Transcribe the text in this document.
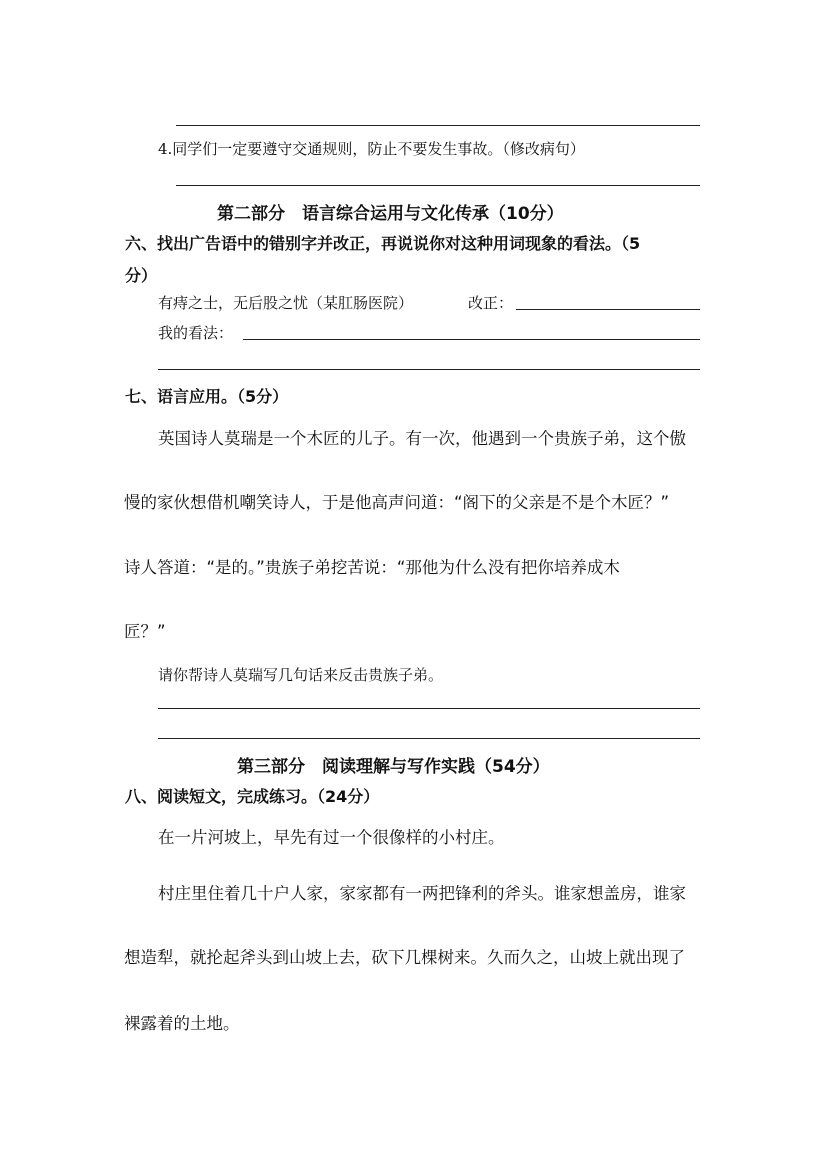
4.同学们一定要遵守交通规则，防止不要发生事故。（修改病句）
第二部分　语言综合运用与文化传承（10分）
六、找出广告语中的错别字并改正，再说说你对这种用词现象的看法。（5
分）
有痔之士，无后股之忧（某肛肠医院）	改正：
我的看法：
七、语言应用。（5分）
英国诗人莫瑞是一个木匠的儿子。有一次，他遇到一个贵族子弟，这个傲
慢的家伙想借机嘲笑诗人，于是他高声问道：“阁下的父亲是不是个木匠？”
诗人答道：“是的。”贵族子弟挖苦说：“那他为什么没有把你培养成木
匠？”
请你帮诗人莫瑞写几句话来反击贵族子弟。
第三部分　阅读理解与写作实践（54分）
八、阅读短文，完成练习。（24分）
在一片河坡上，早先有过一个很像样的小村庄。
村庄里住着几十户人家，家家都有一两把锋利的斧头。谁家想盖房，谁家
想造犁，就抡起斧头到山坡上去，砍下几棵树来。久而久之，山坡上就出现了
裸露着的土地。
